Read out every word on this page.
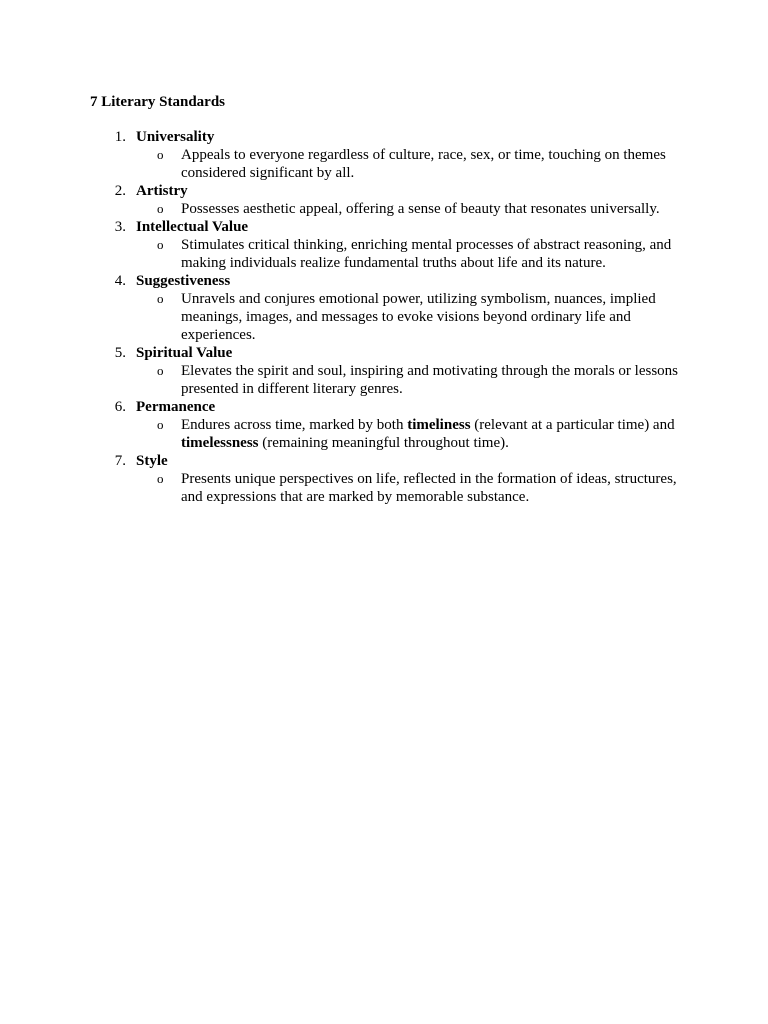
7 Literary Standards
1. Universality
o	Appeals to everyone regardless of culture, race, sex, or time, touching on themes considered significant by all.
2. Artistry
o	Possesses aesthetic appeal, offering a sense of beauty that resonates universally.
3. Intellectual Value
o	Stimulates critical thinking, enriching mental processes of abstract reasoning, and making individuals realize fundamental truths about life and its nature.
4. Suggestiveness
o	Unravels and conjures emotional power, utilizing symbolism, nuances, implied meanings, images, and messages to evoke visions beyond ordinary life and experiences.
5. Spiritual Value
o	Elevates the spirit and soul, inspiring and motivating through the morals or lessons presented in different literary genres.
6. Permanence
o	Endures across time, marked by both timeliness (relevant at a particular time) and timelessness (remaining meaningful throughout time).
7. Style
o	Presents unique perspectives on life, reflected in the formation of ideas, structures, and expressions that are marked by memorable substance.
